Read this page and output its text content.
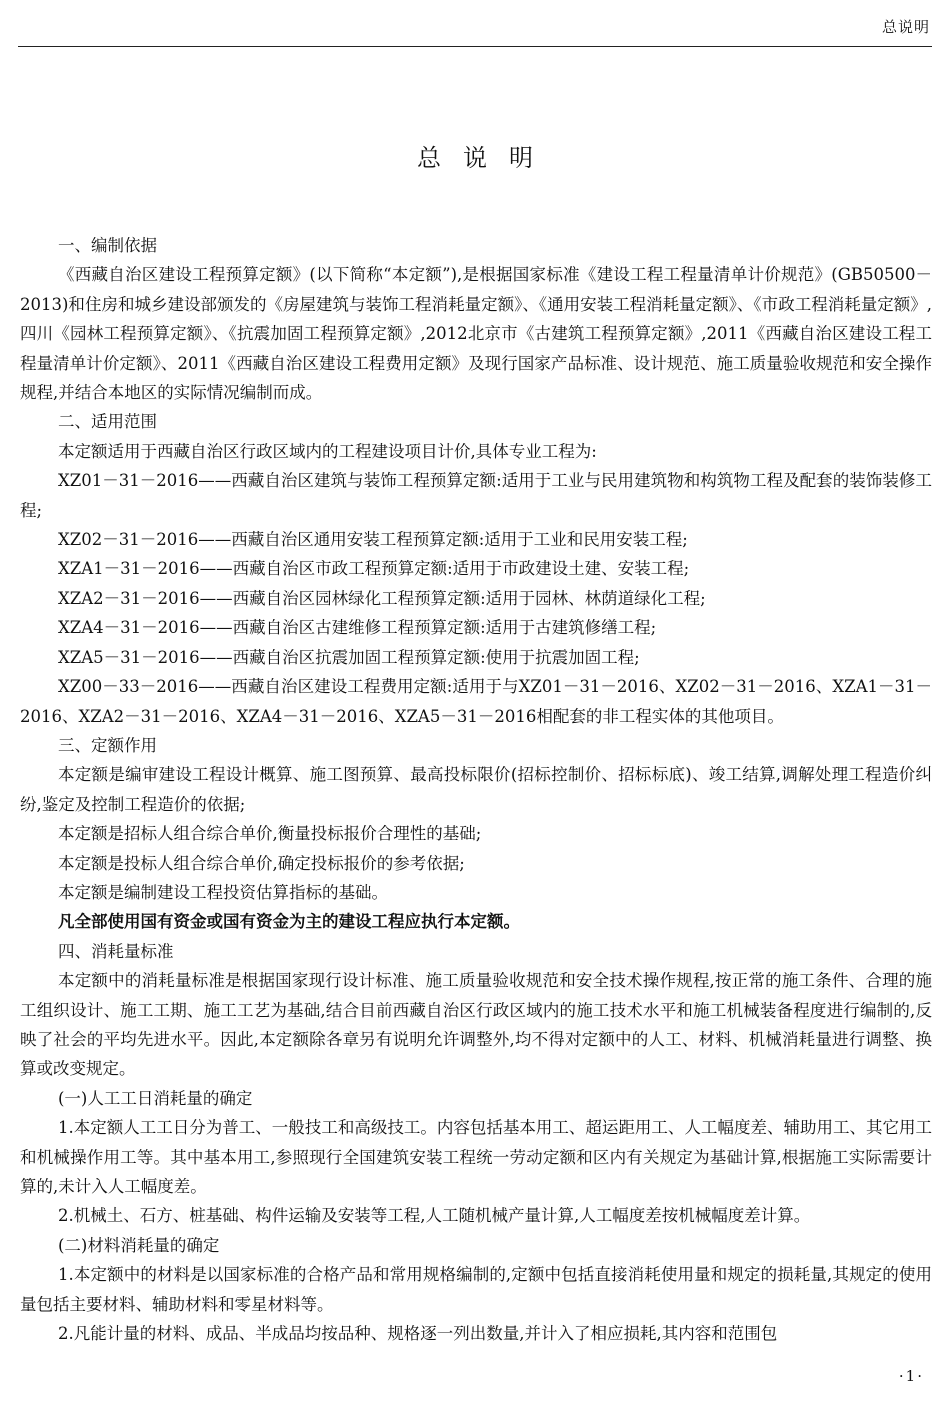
总说明
总说明

一、编制依据

《西藏自治区建设工程预算定额》(以下简称“本定额”),是根据国家标准《建设工程工程量清单计价规范》(GB50500－2013)和住房和城乡建设部颁发的《房屋建筑与装饰工程消耗量定额》、《通用安装工程消耗量定额》、《市政工程消耗量定额》,四川《园林工程预算定额》、《抗震加固工程预算定额》,2012北京市《古建筑工程预算定额》,2011《西藏自治区建设工程工程量清单计价定额》、2011《西藏自治区建设工程费用定额》及现行国家产品标准、设计规范、施工质量验收规范和安全操作规程,并结合本地区的实际情况编制而成。

二、适用范围

本定额适用于西藏自治区行政区域内的工程建设项目计价,具体专业工程为:

XZ01－31－2016——西藏自治区建筑与装饰工程预算定额:适用于工业与民用建筑物和构筑物工程及配套的装饰装修工程;

XZ02－31－2016——西藏自治区通用安装工程预算定额:适用于工业和民用安装工程;

XZA1－31－2016——西藏自治区市政工程预算定额:适用于市政建设土建、安装工程;

XZA2－31－2016——西藏自治区园林绿化工程预算定额:适用于园林、林荫道绿化工程;

XZA4－31－2016——西藏自治区古建维修工程预算定额:适用于古建筑修缮工程;

XZA5－31－2016——西藏自治区抗震加固工程预算定额:使用于抗震加固工程;

XZ00－33－2016——西藏自治区建设工程费用定额:适用于与XZ01－31－2016、XZ02－31－2016、XZA1－31－2016、XZA2－31－2016、XZA4－31－2016、XZA5－31－2016相配套的非工程实体的其他项目。

三、定额作用

本定额是编审建设工程设计概算、施工图预算、最高投标限价(招标控制价、招标标底)、竣工结算,调解处理工程造价纠纷,鉴定及控制工程造价的依据;

本定额是招标人组合综合单价,衡量投标报价合理性的基础;

本定额是投标人组合综合单价,确定投标报价的参考依据;

本定额是编制建设工程投资估算指标的基础。

凡全部使用国有资金或国有资金为主的建设工程应执行本定额。

四、消耗量标准

本定额中的消耗量标准是根据国家现行设计标准、施工质量验收规范和安全技术操作规程,按正常的施工条件、合理的施工组织设计、施工工期、施工工艺为基础,结合目前西藏自治区行政区域内的施工技术水平和施工机械装备程度进行编制的,反映了社会的平均先进水平。因此,本定额除各章另有说明允许调整外,均不得对定额中的人工、材料、机械消耗量进行调整、换算或改变规定。

(一)人工工日消耗量的确定

1.本定额人工工日分为普工、一般技工和高级技工。内容包括基本用工、超运距用工、人工幅度差、辅助用工、其它用工和机械操作用工等。其中基本用工,参照现行全国建筑安装工程统一劳动定额和区内有关规定为基础计算,根据施工实际需要计算的,未计入人工幅度差。

2.机械土、石方、桩基础、构件运输及安装等工程,人工随机械产量计算,人工幅度差按机械幅度差计算。

(二)材料消耗量的确定

1.本定额中的材料是以国家标准的合格产品和常用规格编制的,定额中包括直接消耗使用量和规定的损耗量,其规定的使用量包括主要材料、辅助材料和零星材料等。

2.凡能计量的材料、成品、半成品均按品种、规格逐一列出数量,并计入了相应损耗,其内容和范围包

·1·
